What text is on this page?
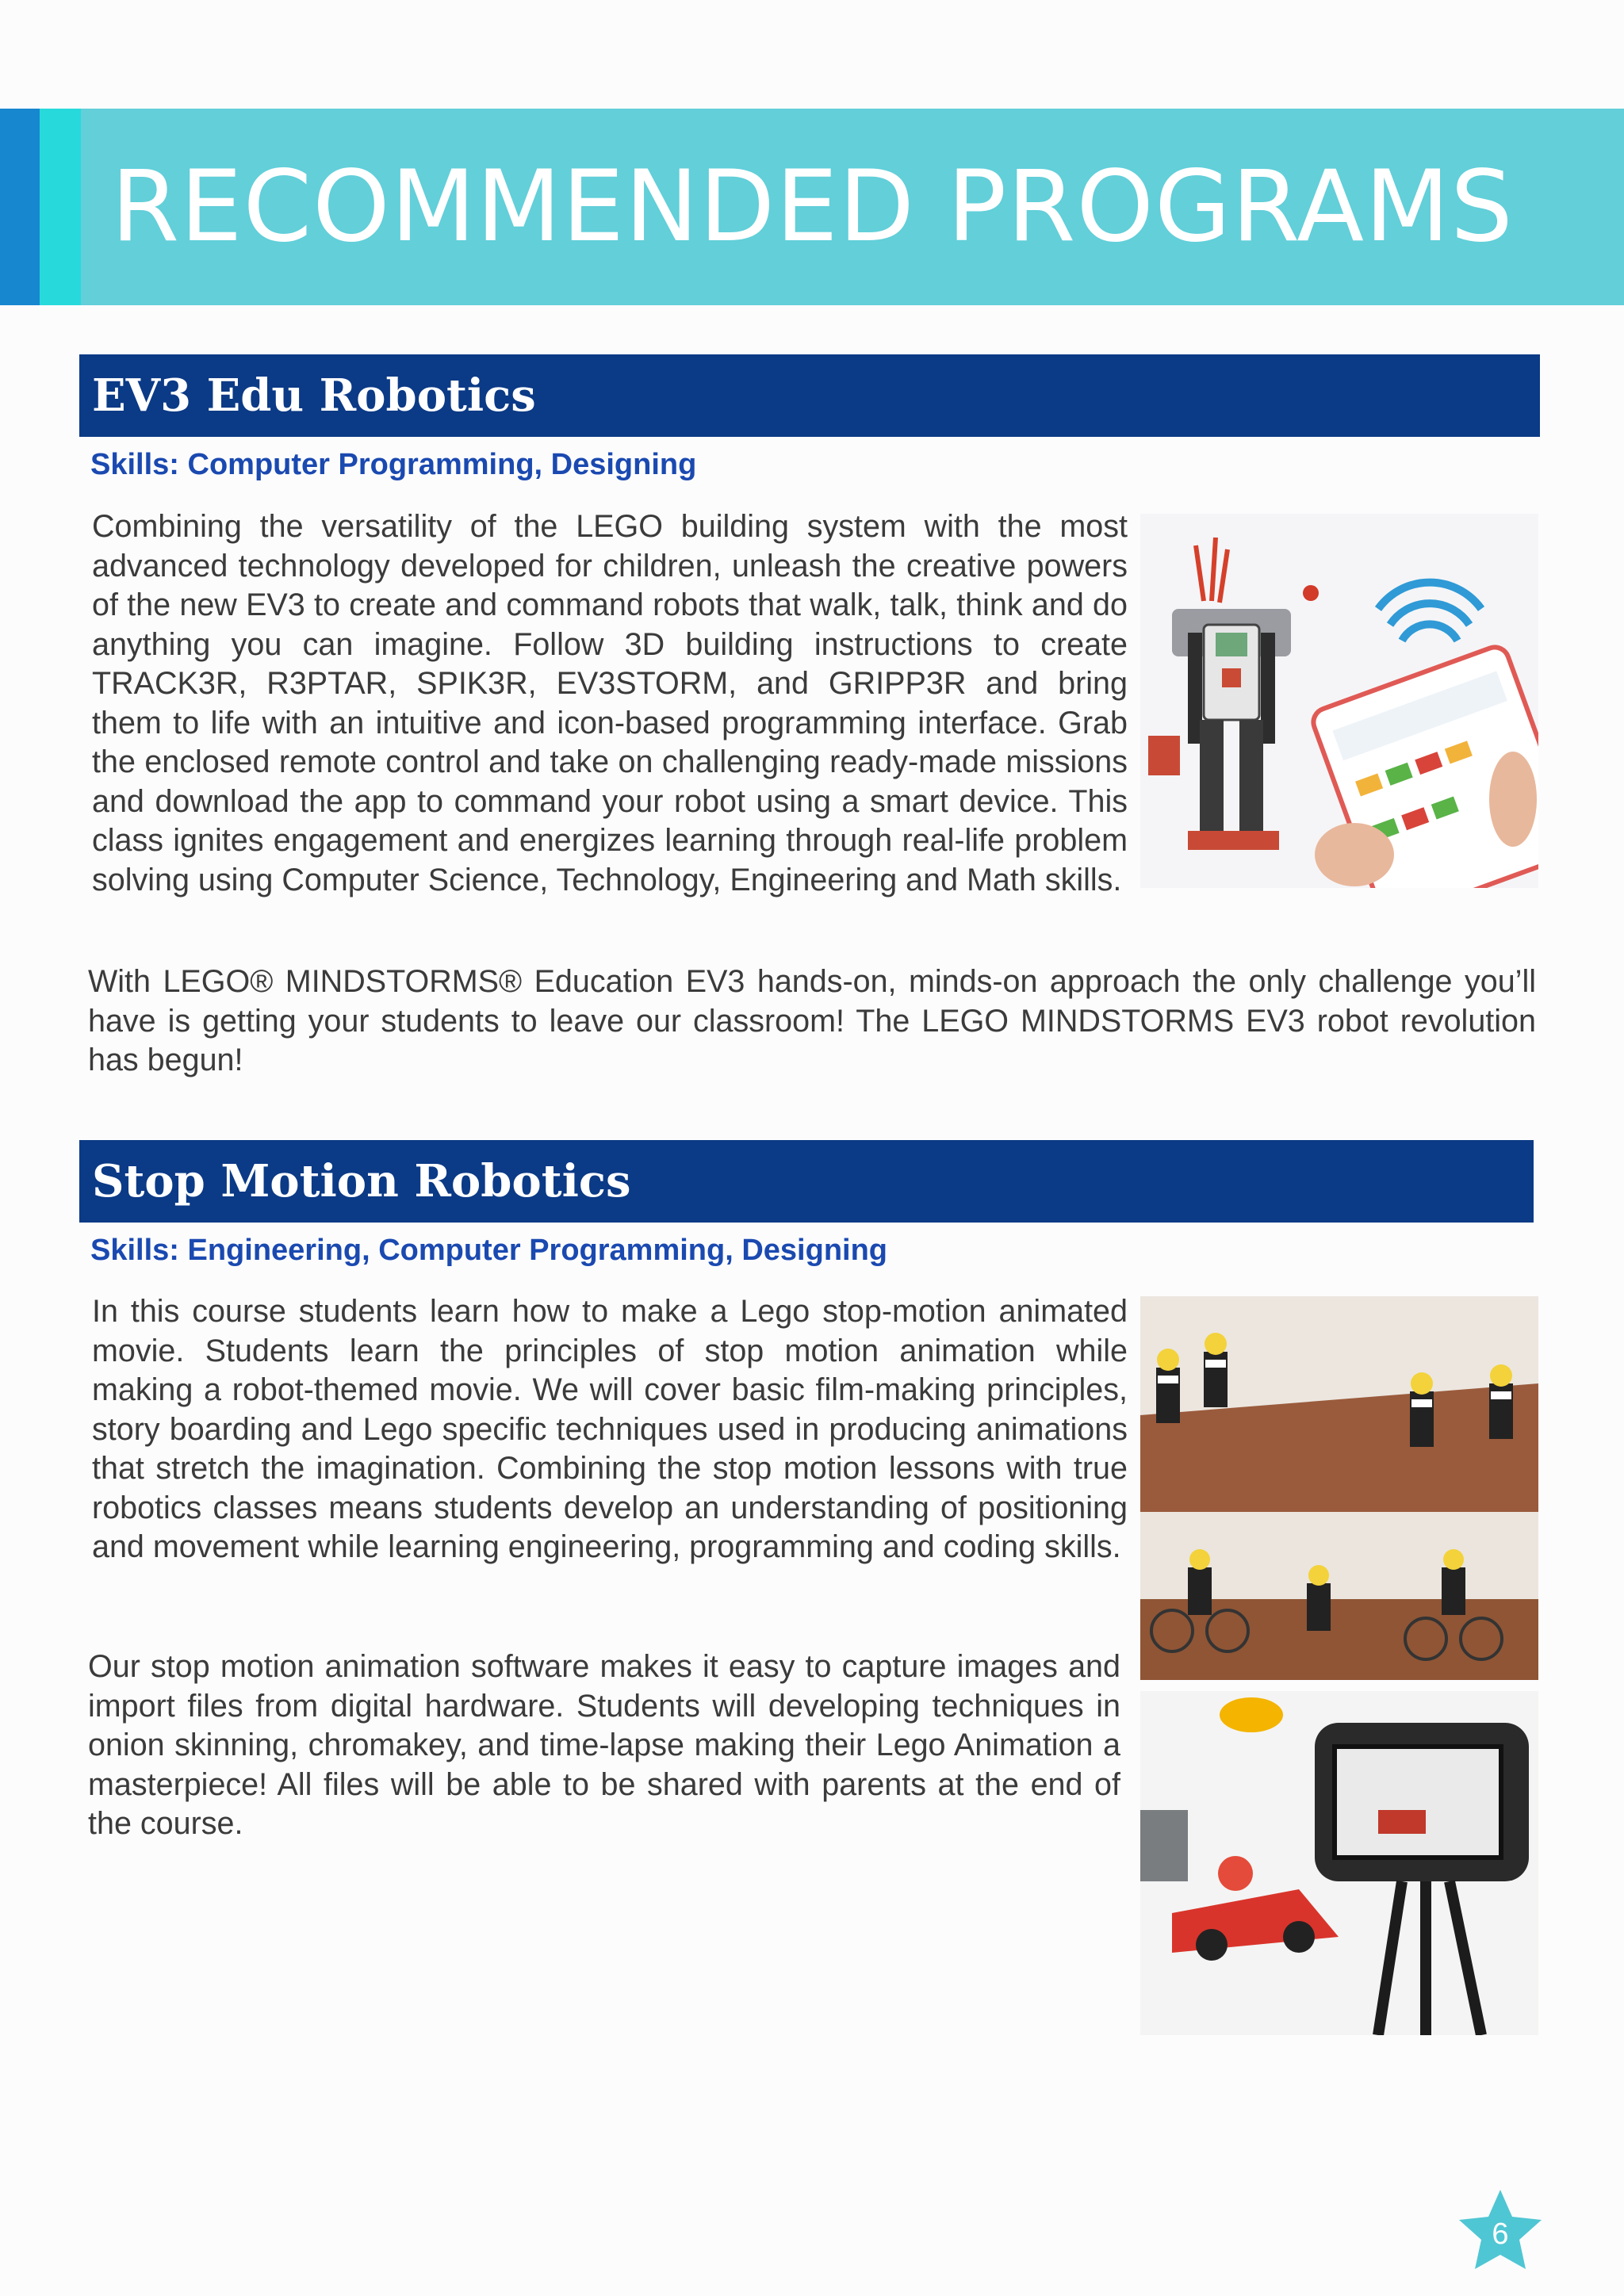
RECOMMENDED PROGRAMS
EV3 Edu Robotics
Skills: Computer Programming, Designing

Combining the versatility of the LEGO building system with the most advanced technology developed for children, unleash the creative powers of the new EV3 to create and command robots that walk, talk, think and do anything you can imagine. Follow 3D building instructions to create TRACK3R, R3PTAR, SPIK3R, EV3STORM, and GRIPP3R and bring them to life with an intuitive and icon-based programming interface. Grab the enclosed remote control and take on challenging ready-made missions and download the app to command your robot using a smart device. This class ignites engagement and energizes learning through real-life problem solving using Computer Science, Technology, Engineering and Math skills.

With LEGO® MINDSTORMS® Education EV3 hands-on, minds-on approach the only challenge you’ll have is getting your students to leave our classroom! The LEGO MINDSTORMS EV3 robot revolution has begun!

Stop Motion Robotics
Skills: Engineering, Computer Programming, Designing

In this course students learn how to make a Lego stop-motion animated movie. Students learn the principles of stop motion animation while making a robot-themed movie. We will cover basic film-making principles, story boarding and Lego specific techniques used in producing animations that stretch the imagination. Combining the stop motion lessons with true robotics classes means students develop an understanding of positioning and movement while learning engineering, programming and coding skills.

Our stop motion animation software makes it easy to capture images and import files from digital hardware. Students will developing techniques in onion skinning, chromakey, and time-lapse making their Lego Animation a masterpiece! All files will be able to be shared with parents at the end of the course.

6
